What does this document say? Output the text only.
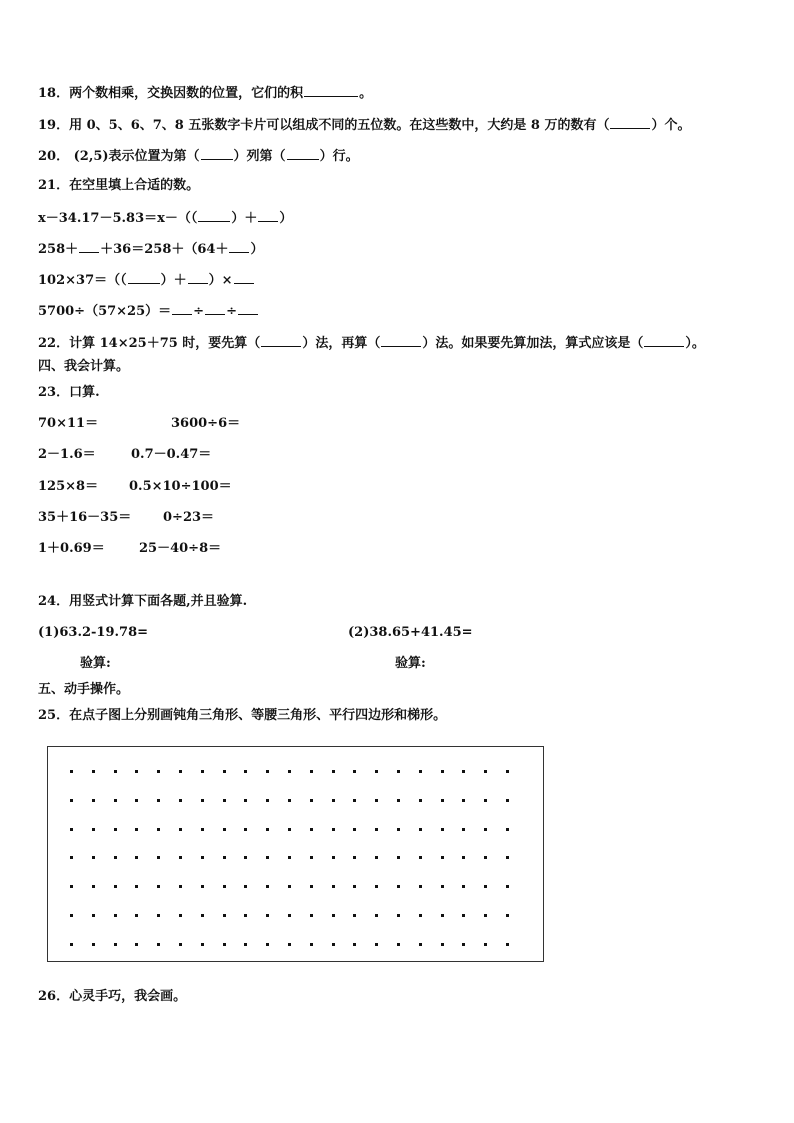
18．两个数相乘，交换因数的位置，它们的积	。
19．用 0、5、6、7、8 五张数字卡片可以组成不同的五位数。在这些数中，大约是 8 万的数有（	）个。
20． (2,5)表示位置为第（	）列第（	）行。
21．在空里填上合适的数。
x－34.17－5.83＝x－（（	）＋ ）
258＋ ＋36＝258＋（64＋ ）
102×37＝（（	）＋ ）×
5700÷（57×25）＝ ÷ ÷
22．计算 14×25＋75 时，要先算（	）法，再算（	）法。如果要先算加法，算式应该是（	）。
四、我会计算。
23．口算.
70×11＝	3600÷6＝
2－1.6＝	0.7－0.47＝
125×8＝ 0.5×10÷100＝
35＋16－35＝ 0÷23＝
1＋0.69＝	25－40÷8＝
24．用竖式计算下面各题,并且验算.
(1)63.2-19.78=	(2)38.65+41.45=
验算:	验算:
五、动手操作。
25．在点子图上分别画钝角三角形、等腰三角形、平行四边形和梯形。
26．心灵手巧，我会画。
